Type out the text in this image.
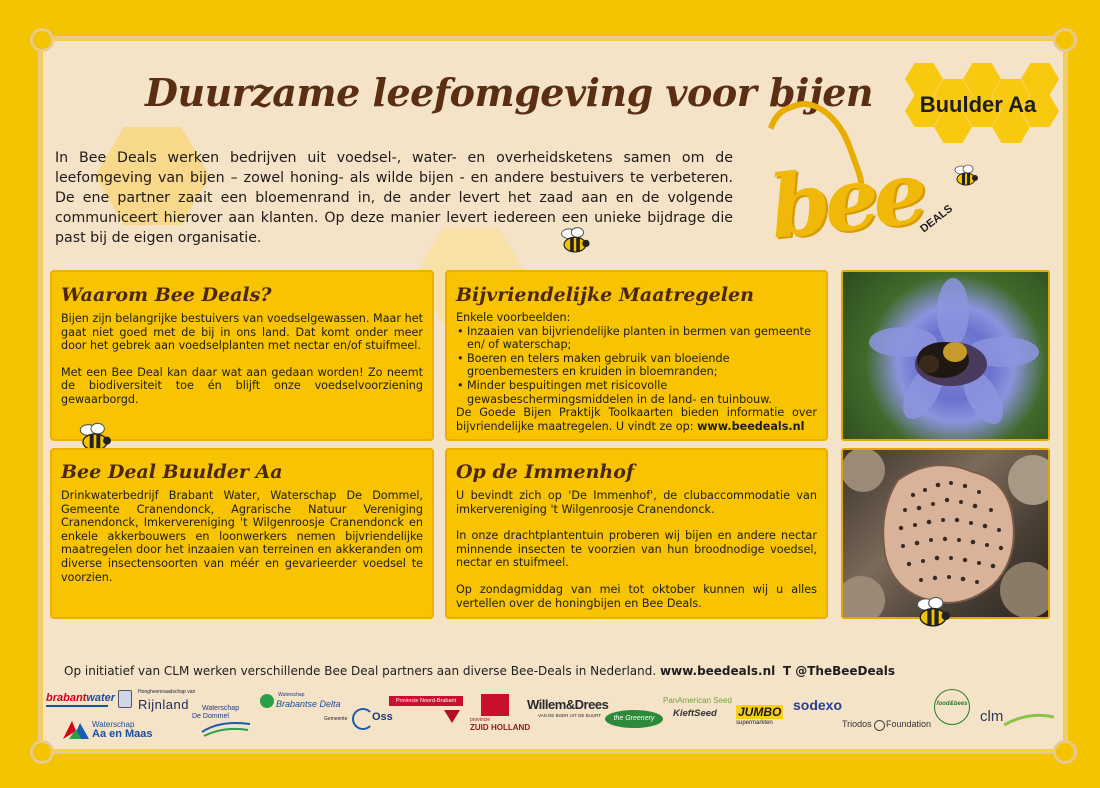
Duurzame leefomgeving voor bijen
In Bee Deals werken bedrijven uit voedsel-, water- en overheidsketens samen om de leefomgeving van bijen – zowel honing- als wilde bijen - en andere bestuivers te verbeteren. De ene partner zaait een bloemenrand in, de ander levert het zaad aan en de volgende communiceert hierover aan klanten. Op deze manier levert iedereen een unieke bijdrage die past bij de eigen organisatie.
Buulder Aa
bee
DEALS
Waarom Bee Deals?

Bijen zijn belangrijke bestuivers van voedselgewassen. Maar het gaat niet goed met de bij in ons land. Dat komt onder meer door het gebrek aan voedselplanten met nectar en/of stuifmeel.

Met een Bee Deal kan daar wat aan gedaan worden! Zo neemt de biodiversiteit toe én blijft onze voedselvoorziening gewaarborgd.

Bijvriendelijke Maatregelen

Enkele voorbeelden:

• Inzaaien van bijvriendelijke planten in bermen van gemeente en/ of waterschap;
• Boeren en telers maken gebruik van bloeiende groenbemesters en kruiden in bloemranden;
• Minder bespuitingen met risicovolle gewasbeschermingsmiddelen in de land- en tuinbouw.

De Goede Bijen Praktijk Toolkaarten bieden informatie over bijvriendelijke maatregelen. U vindt ze op: www.beedeals.nl

Bee Deal Buulder Aa

Drinkwaterbedrijf Brabant Water, Waterschap De Dommel, Gemeente Cranendonck, Agrarische Natuur Vereniging Cranendonck, Imkervereniging 't Wilgenroosje Cranendonck en enkele akkerbouwers en loonwerkers nemen bijvriendelijke maatregelen door het inzaaien van terreinen en akkeranden om diverse insectensoorten van méér en gevarieerder voedsel te voorzien.

Op de Immenhof

U bevindt zich op 'De Immenhof', de clubaccommodatie van imkervereniging 't Wilgenroosje Cranendonck.

In onze drachtplantentuin proberen wij bijen en andere nectar minnende insecten te voorzien van hun broodnodige voedsel, nectar en stuifmeel.

Op zondagmiddag van mei tot oktober kunnen wij u alles vertellen over de honingbijen en Bee Deals.

Op initiatief van CLM werken verschillende Bee Deal partners aan diverse Bee-Deals in Nederland. www.beedeals.nl T @TheBeeDeals
brabantwater	Hoogheemraadschap van
Rijnland
Waterschap
Aa en Maas
Waterschap
De Dommel
Waterschap
Brabantse Delta
Gemeente Oss
Provincie Noord-Brabant
provincie
ZUID HOLLAND
Willem&Drees
VAN DE BOER UIT DE BUURT	the Greenery
PanAmerican Seed
KieftSeed JUMBO
supermarkten
sodexo
Triodos Foundation
food&bees
clm
